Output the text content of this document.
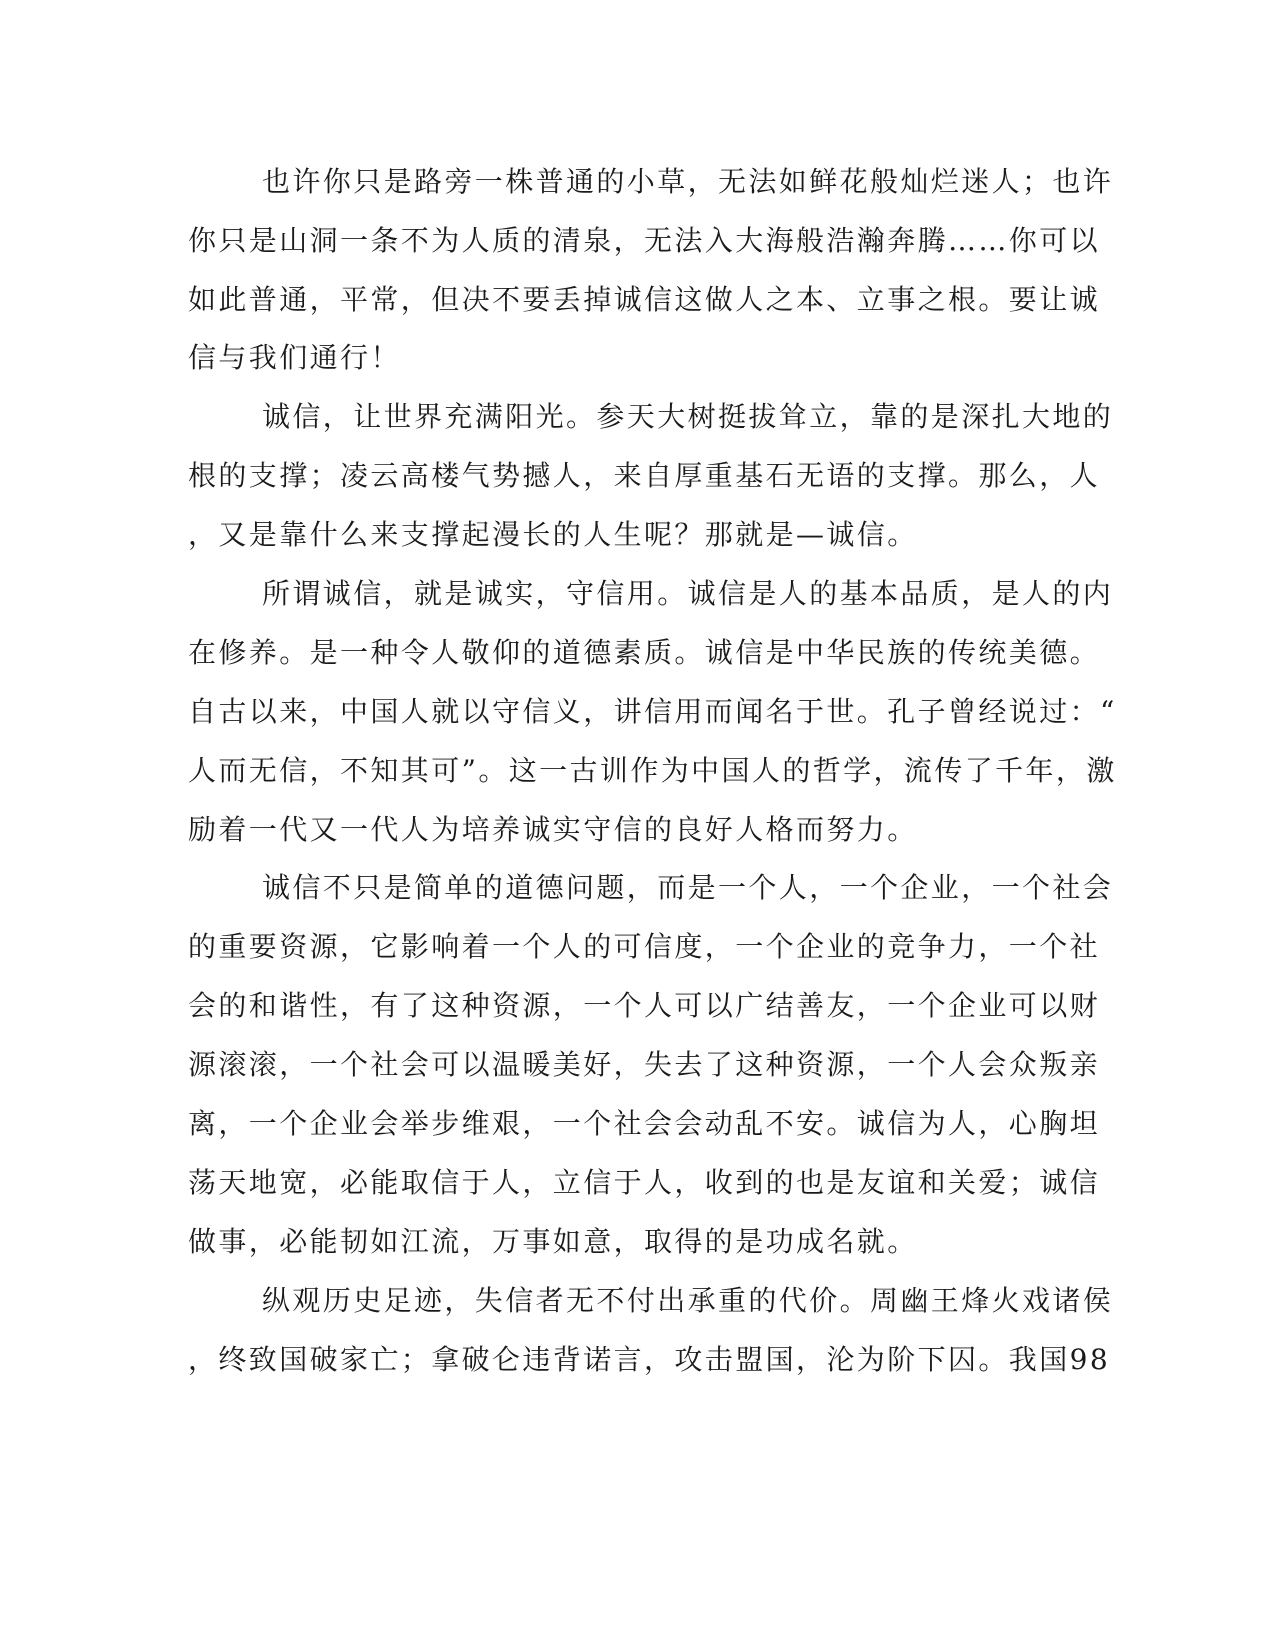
也许你只是路旁一株普通的小草，无法如鲜花般灿烂迷人；也许
你只是山洞一条不为人质的清泉，无法入大海般浩瀚奔腾……你可以
如此普通，平常，但决不要丢掉诚信这做人之本、立事之根。要让诚
信与我们通行！
诚信，让世界充满阳光。参天大树挺拔耸立，靠的是深扎大地的
根的支撑；凌云高楼气势撼人，来自厚重基石无语的支撑。那么，人
，又是靠什么来支撑起漫长的人生呢？那就是—诚信。
所谓诚信，就是诚实，守信用。诚信是人的基本品质，是人的内
在修养。是一种令人敬仰的道德素质。诚信是中华民族的传统美德。
自古以来，中国人就以守信义，讲信用而闻名于世。孔子曾经说过：“
人而无信，不知其可”。这一古训作为中国人的哲学，流传了千年，激
励着一代又一代人为培养诚实守信的良好人格而努力。
诚信不只是简单的道德问题，而是一个人，一个企业，一个社会
的重要资源，它影响着一个人的可信度，一个企业的竞争力，一个社
会的和谐性，有了这种资源，一个人可以广结善友，一个企业可以财
源滚滚，一个社会可以温暖美好，失去了这种资源，一个人会众叛亲
离，一个企业会举步维艰，一个社会会动乱不安。诚信为人，心胸坦
荡天地宽，必能取信于人，立信于人，收到的也是友谊和关爱；诚信
做事，必能韧如江流，万事如意，取得的是功成名就。
纵观历史足迹，失信者无不付出承重的代价。周幽王烽火戏诸侯
，终致国破家亡；拿破仑违背诺言，攻击盟国，沦为阶下囚。我国98
